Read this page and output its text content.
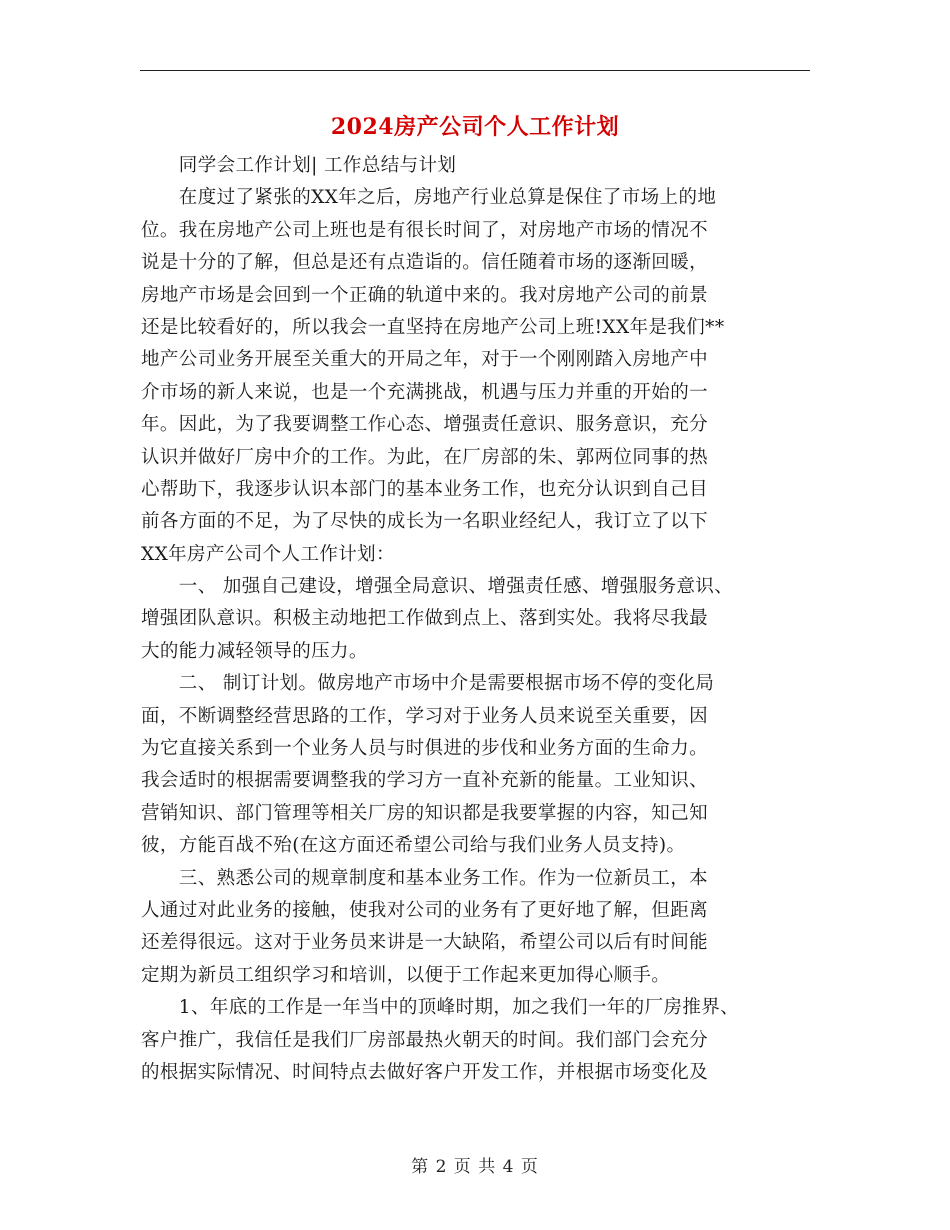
2024房产公司个人工作计划
　　同学会工作计划| 工作总结与计划
　　在度过了紧张的XX年之后，房地产行业总算是保住了市场上的地
位。我在房地产公司上班也是有很长时间了，对房地产市场的情况不
说是十分的了解，但总是还有点造诣的。信任随着市场的逐渐回暖，
房地产市场是会回到一个正确的轨道中来的。我对房地产公司的前景
还是比较看好的，所以我会一直坚持在房地产公司上班!XX年是我们**
地产公司业务开展至关重大的开局之年，对于一个刚刚踏入房地产中
介市场的新人来说，也是一个充满挑战，机遇与压力并重的开始的一
年。因此，为了我要调整工作心态、增强责任意识、服务意识，充分
认识并做好厂房中介的工作。为此，在厂房部的朱、郭两位同事的热
心帮助下，我逐步认识本部门的基本业务工作，也充分认识到自己目
前各方面的不足，为了尽快的成长为一名职业经纪人，我订立了以下
XX年房产公司个人工作计划：
　　一、 加强自己建设，增强全局意识、增强责任感、增强服务意识、
增强团队意识。积极主动地把工作做到点上、落到实处。我将尽我最
大的能力减轻领导的压力。
　　二、 制订计划。做房地产市场中介是需要根据市场不停的变化局
面，不断调整经营思路的工作，学习对于业务人员来说至关重要，因
为它直接关系到一个业务人员与时俱进的步伐和业务方面的生命力。
我会适时的根据需要调整我的学习方一直补充新的能量。工业知识、
营销知识、部门管理等相关厂房的知识都是我要掌握的内容，知己知
彼，方能百战不殆(在这方面还希望公司给与我们业务人员支持)。
　　三、熟悉公司的规章制度和基本业务工作。作为一位新员工，本
人通过对此业务的接触，使我对公司的业务有了更好地了解，但距离
还差得很远。这对于业务员来讲是一大缺陷，希望公司以后有时间能
定期为新员工组织学习和培训，以便于工作起来更加得心顺手。
　　1、年底的工作是一年当中的顶峰时期，加之我们一年的厂房推界、
客户推广，我信任是我们厂房部最热火朝天的时间。我们部门会充分
的根据实际情况、时间特点去做好客户开发工作，并根据市场变化及
第 2 页 共 4 页
